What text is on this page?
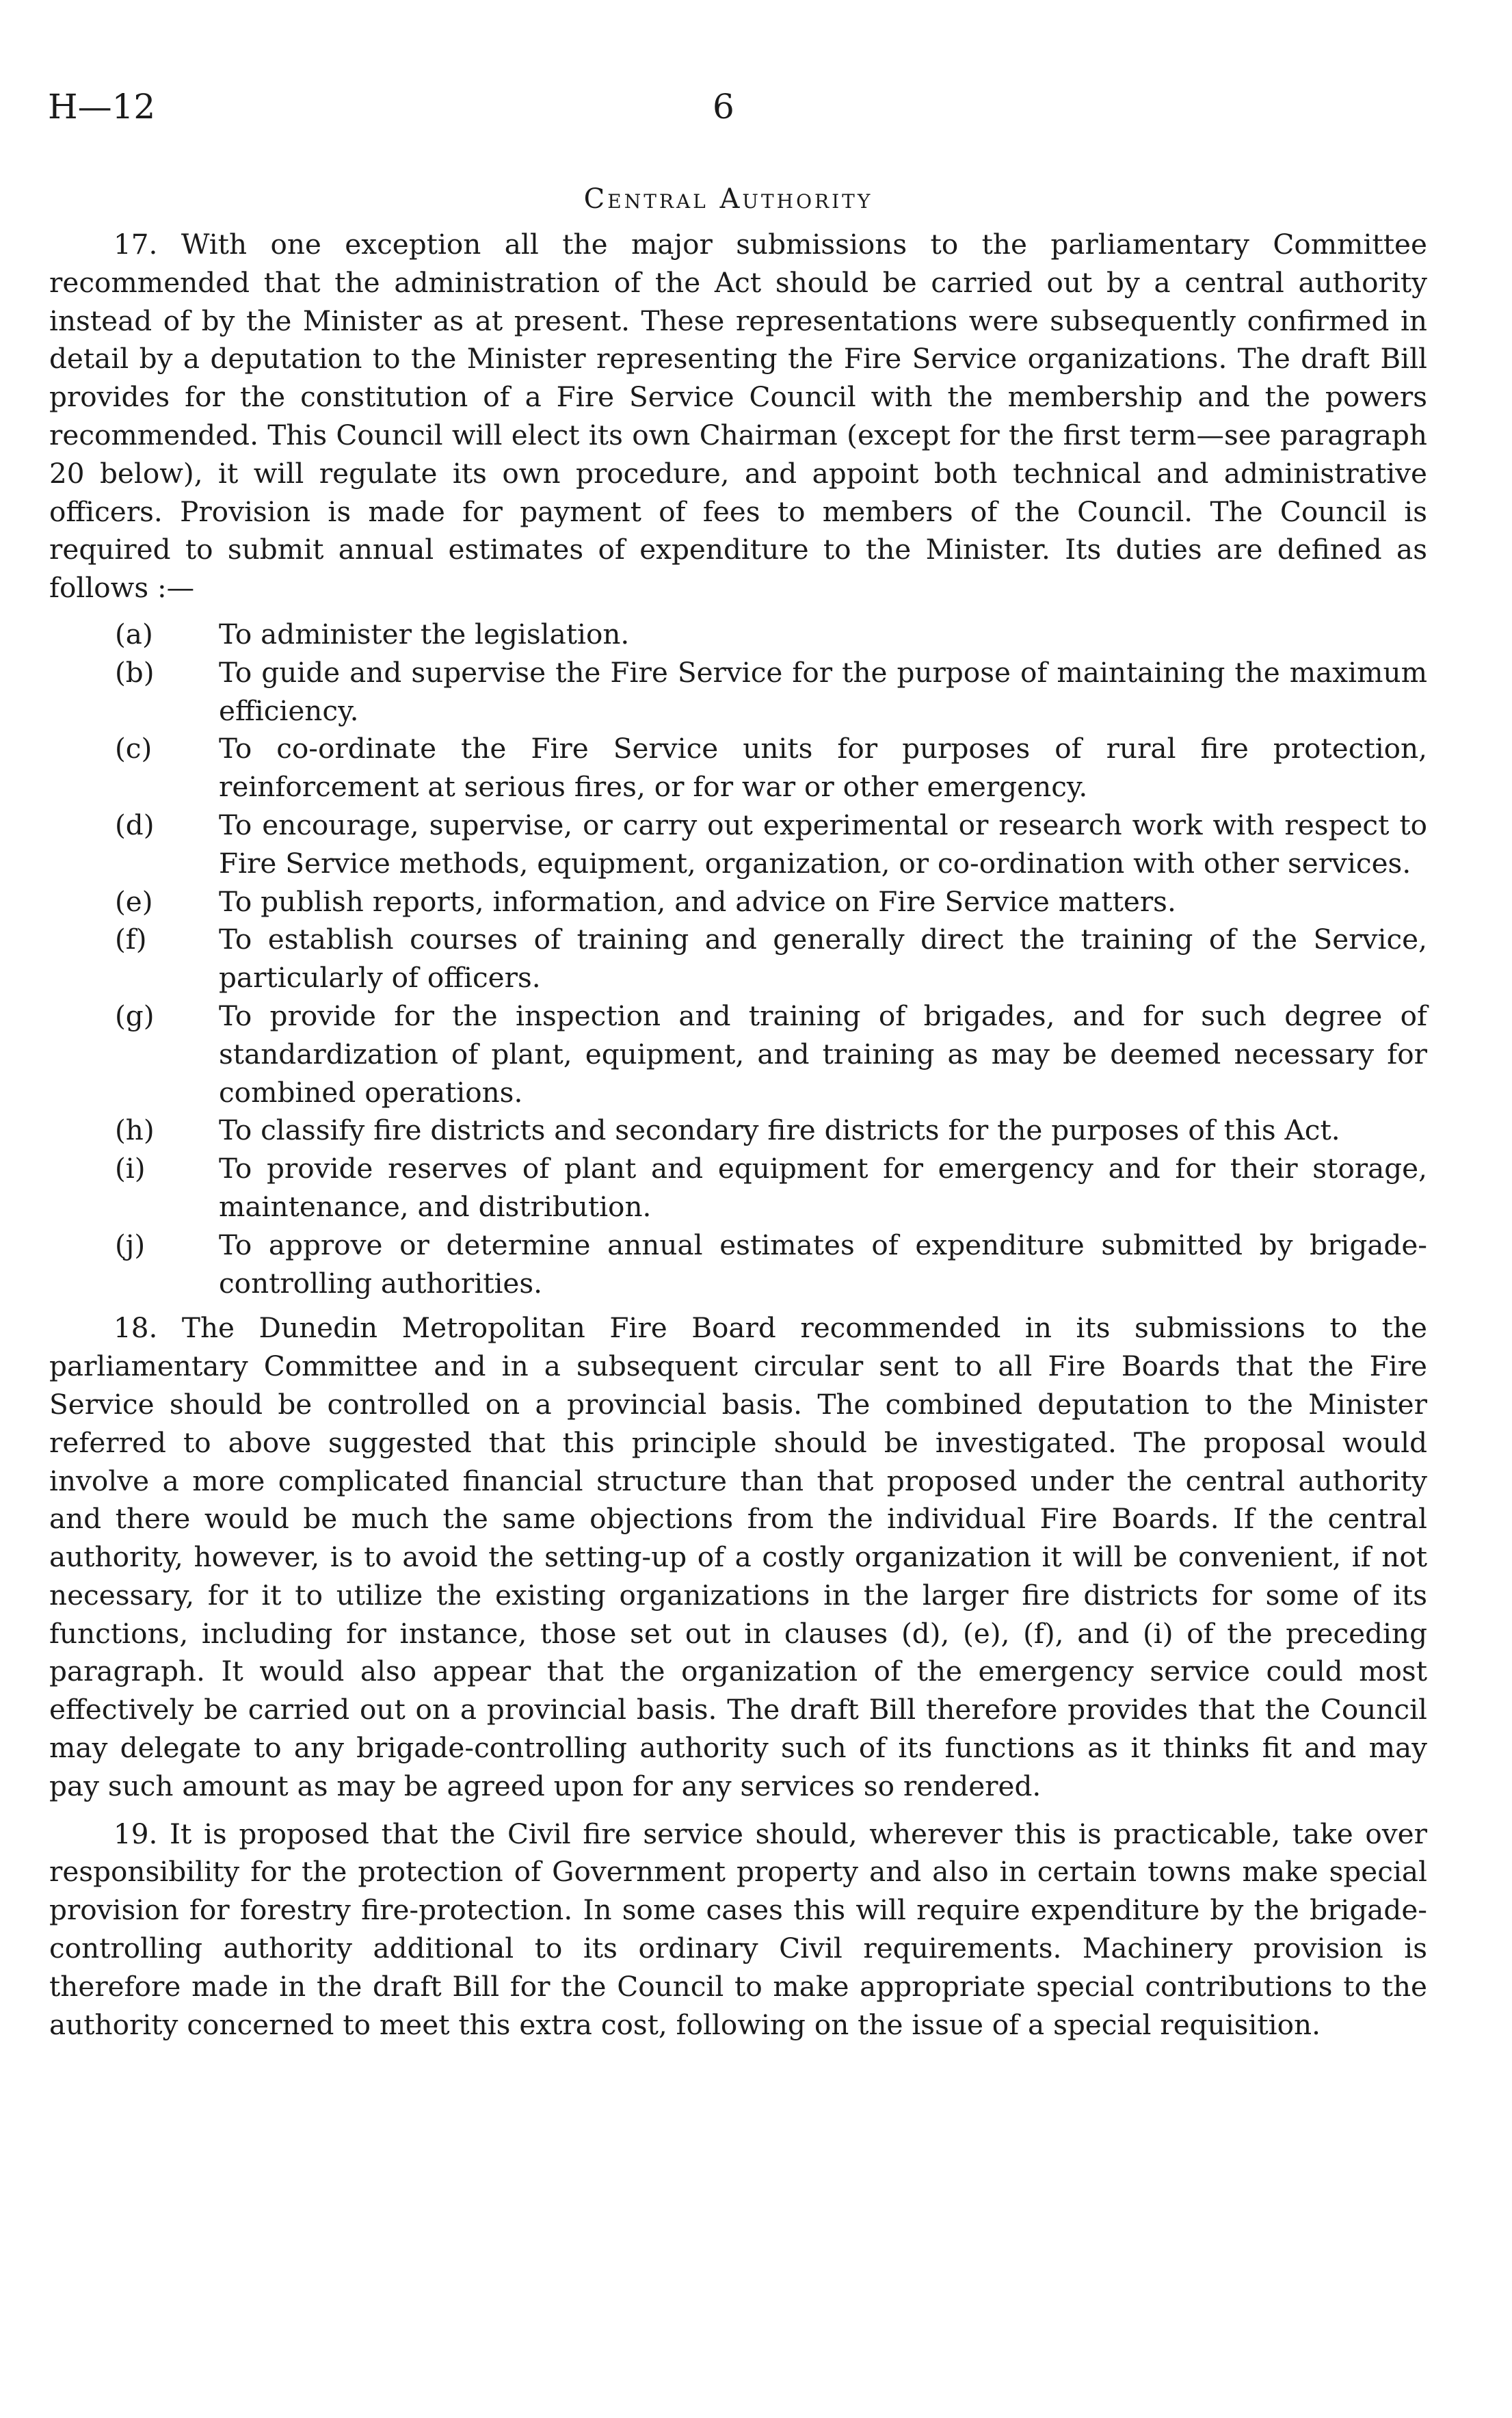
H—12	6
Central Authority

17. With one exception all the major submissions to the parliamentary Committee recommended that the administration of the Act should be carried out by a central authority instead of by the Minister as at present. These representations were subsequently confirmed in detail by a deputation to the Minister representing the Fire Service organizations. The draft Bill provides for the constitution of a Fire Service Council with the membership and the powers recommended. This Council will elect its own Chairman (except for the first term—see paragraph 20 below), it will regulate its own procedure, and appoint both technical and administrative officers. Provision is made for payment of fees to members of the Council. The Council is required to submit annual estimates of expenditure to the Minister. Its duties are defined as follows :—

(a)	To administer the legislation.
(b)	To guide and supervise the Fire Service for the purpose of maintaining the maximum efficiency.
(c)	To co-ordinate the Fire Service units for purposes of rural fire protection, reinforcement at serious fires, or for war or other emergency.
(d)	To encourage, supervise, or carry out experimental or research work with respect to Fire Service methods, equipment, organization, or co-ordination with other services.
(e)	To publish reports, information, and advice on Fire Service matters.
(f)	To establish courses of training and generally direct the training of the Service, particularly of officers.
(g)	To provide for the inspection and training of brigades, and for such degree of standardization of plant, equipment, and training as may be deemed necessary for combined operations.
(h)	To classify fire districts and secondary fire districts for the purposes of this Act.
(i)	To provide reserves of plant and equipment for emergency and for their storage, maintenance, and distribution.
(j)	To approve or determine annual estimates of expenditure submitted by brigade-controlling authorities.

18. The Dunedin Metropolitan Fire Board recommended in its submissions to the parliamentary Committee and in a subsequent circular sent to all Fire Boards that the Fire Service should be controlled on a provincial basis. The combined deputation to the Minister referred to above suggested that this principle should be investigated. The proposal would involve a more complicated financial structure than that proposed under the central authority and there would be much the same objections from the individual Fire Boards. If the central authority, however, is to avoid the setting-up of a costly organization it will be convenient, if not necessary, for it to utilize the existing organizations in the larger fire districts for some of its functions, including for instance, those set out in clauses (d), (e), (f), and (i) of the preceding paragraph. It would also appear that the organization of the emergency service could most effectively be carried out on a provincial basis. The draft Bill therefore provides that the Council may delegate to any brigade-controlling authority such of its functions as it thinks fit and may pay such amount as may be agreed upon for any services so rendered.

19. It is proposed that the Civil fire service should, wherever this is practicable, take over responsibility for the protection of Government property and also in certain towns make special provision for forestry fire-protection. In some cases this will require expenditure by the brigade-controlling authority additional to its ordinary Civil requirements. Machinery provision is therefore made in the draft Bill for the Council to make appropriate special contributions to the authority concerned to meet this extra cost, following on the issue of a special requisition.
